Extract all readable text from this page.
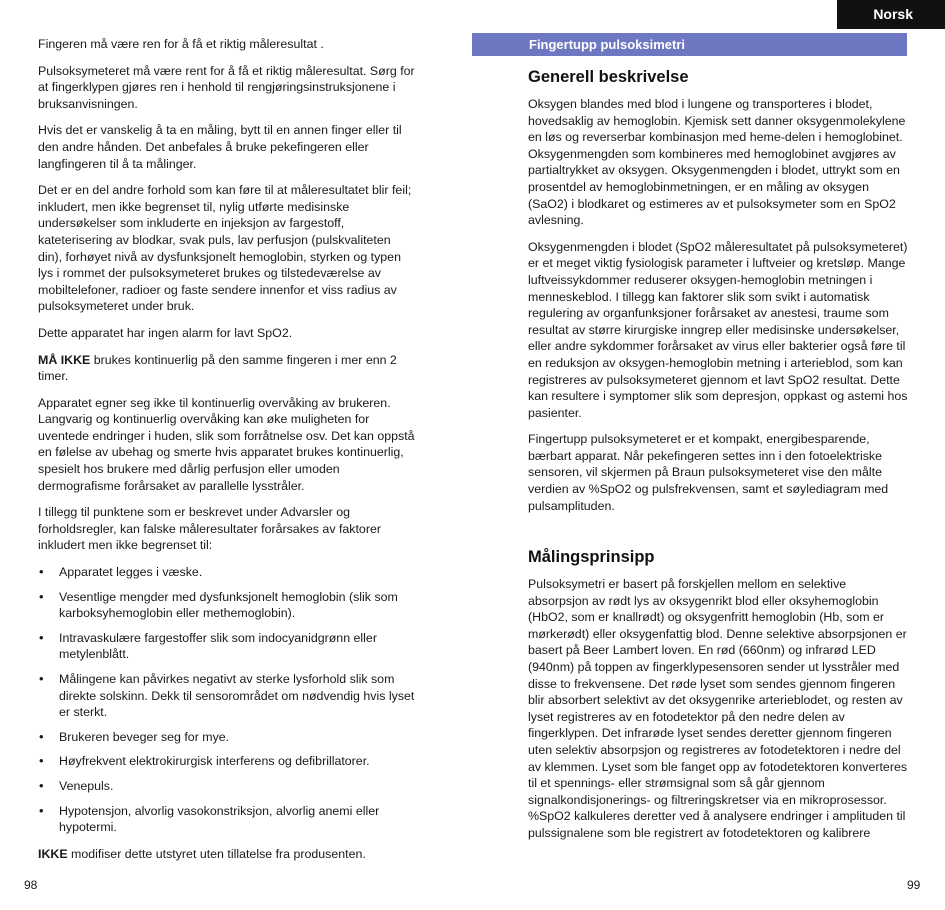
Norsk

Fingeren må være ren for å få et riktig måleresultat .

Pulsoksymeteret må være rent for å få et riktig måleresultat. Sørg for at fingerklypen gjøres ren i henhold til rengjøringsinstruksjonene i bruksanvisningen.

Hvis det er vanskelig å ta en måling, bytt til en annen finger eller til den andre hånden. Det anbefales å bruke pekefingeren eller langfingeren til å ta målinger.

Det er en del andre forhold som kan føre til at måleresultatet blir feil; inkludert, men ikke begrenset til, nylig utførte medisinske undersøkelser som inkluderte en injeksjon av fargestoff, kateterisering av blodkar, svak puls, lav perfusjon (pulskvaliteten din), forhøyet nivå av dysfunksjonelt hemoglobin, styrken og typen lys i rommet der pulsoksymeteret brukes og tilstedeværelse av mobiltelefoner, radioer og faste sendere innenfor et viss radius av pulsoksymeteret under bruk.

Dette apparatet har ingen alarm for lavt SpO2.

MÅ IKKE brukes kontinuerlig på den samme fingeren i mer enn 2 timer.

Apparatet egner seg ikke til kontinuerlig overvåking av brukeren. Langvarig og kontinuerlig overvåking kan øke muligheten for uventede endringer i huden, slik som forråtnelse osv. Det kan oppstå en følelse av ubehag og smerte hvis apparatet brukes kontinuerlig, spesielt hos brukere med dårlig perfusjon eller umoden dermografisme forårsaket av parallelle lysstråler.

I tillegg til punktene som er beskrevet under Advarsler og forholdsregler, kan falske måleresultater forårsakes av faktorer inkludert men ikke begrenset til:

• Apparatet legges i væske.
• Vesentlige mengder med dysfunksjonelt hemoglobin (slik som karboksyhemoglobin eller methemoglobin).
• Intravaskulære fargestoffer slik som indocyanidgrønn eller metylenblått.
• Målingene kan påvirkes negativt av sterke lysforhold slik som direkte solskinn. Dekk til sensorområdet om nødvendig hvis lyset er sterkt.
• Brukeren beveger seg for mye.
• Høyfrekvent elektrokirurgisk interferens og defibrillatorer.
• Venepuls.
• Hypotensjon, alvorlig vasokonstriksjon, alvorlig anemi eller hypotermi.

IKKE modifiser dette utstyret uten tillatelse fra produsenten.

98
Fingertupp pulsoksimetri
Generell beskrivelse

Oksygen blandes med blod i lungene og transporteres i blodet, hovedsaklig av hemoglobin. Kjemisk sett danner oksygenmolekylene en løs og reverserbar kombinasjon med heme-delen i hemoglobinet. Oksygenmengden som kombineres med hemoglobinet avgjøres av partialtrykket av oksygen. Oksygenmengden i blodet, uttrykt som en prosentdel av hemoglobinmetningen, er en måling av oksygen (SaO2) i blodkaret og estimeres av et pulsoksymeter som en SpO2 avlesning.

Oksygenmengden i blodet (SpO2 måleresultatet på pulsoksymeteret) er et meget viktig fysiologisk parameter i luftveier og kretsløp. Mange luftveissykdommer reduserer oksygen-hemoglobin metningen i menneskeblod. I tillegg kan faktorer slik som svikt i automatisk regulering av organfunksjoner forårsaket av anestesi, traume som resultat av større kirurgiske inngrep eller medisinske undersøkelser, eller andre sykdommer forårsaket av virus eller bakterier også føre til en reduksjon av oksygen-hemoglobin metning i arterieblod, som kan registreres av pulsoksymeteret gjennom et lavt SpO2 resultat. Dette kan resultere i symptomer slik som depresjon, oppkast og astemi hos pasienter.

Fingertupp pulsoksymeteret er et kompakt, energibesparende, bærbart apparat. Når pekefingeren settes inn i den fotoelektriske sensoren, vil skjermen på Braun pulsoksymeteret vise den målte verdien av %SpO2 og pulsfrekvensen, samt et søylediagram med pulsamplituden.

Målingsprinsipp

Pulsoksymetri er basert på forskjellen mellom en selektive absorpsjon av rødt lys av oksygenrikt blod eller oksyhemoglobin (HbO2, som er knallrødt) og oksygenfritt hemoglobin (Hb, som er mørkerødt) eller oksygenfattig blod. Denne selektive absorpsjonen er basert på Beer Lambert loven. En rød (660nm) og infrarød LED (940nm) på toppen av fingerklypesensoren sender ut lysstråler med disse to frekvensene. Det røde lyset som sendes gjennom fingeren blir absorbert selektivt av det oksygenrike arterieblodet, og resten av lyset registreres av en fotodetektor på den nedre delen av fingerklypen. Det infrarøde lyset sendes deretter gjennom fingeren uten selektiv absorpsjon og registreres av fotodetektoren i nedre del av klemmen. Lyset som ble fanget opp av fotodetektoren konverteres til et spennings- eller strømsignal som så går gjennom signalkondisjonerings- og filtreringskretser via en mikroprosessor. %SpO2 kalkuleres deretter ved å analysere endringer i amplituden til pulssignalene som ble registrert av fotodetektoren og kalibrere

99
